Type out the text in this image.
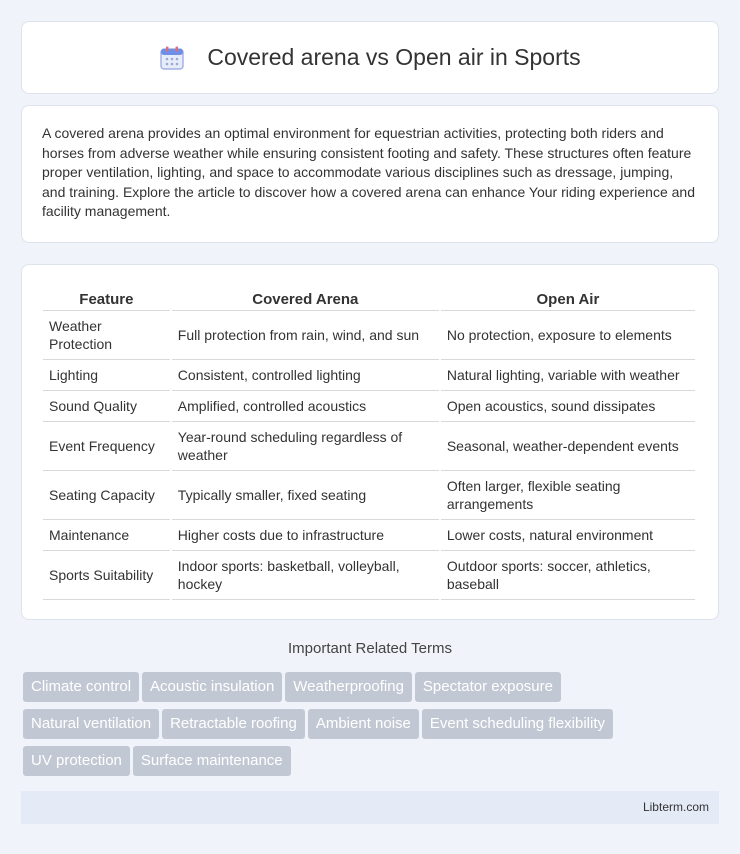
Covered arena vs Open air in Sports

A covered arena provides an optimal environment for equestrian activities, protecting both riders and horses from adverse weather while ensuring consistent footing and safety. These structures often feature proper ventilation, lighting, and space to accommodate various disciplines such as dressage, jumping, and training. Explore the article to discover how a covered arena can enhance Your riding experience and facility management.

Feature	Covered Arena	Open Air
Weather Protection	Full protection from rain, wind, and sun	No protection, exposure to elements
Lighting	Consistent, controlled lighting	Natural lighting, variable with weather
Sound Quality	Amplified, controlled acoustics	Open acoustics, sound dissipates
Event Frequency	Year-round scheduling regardless of weather	Seasonal, weather-dependent events
Seating Capacity	Typically smaller, fixed seating	Often larger, flexible seating arrangements
Maintenance	Higher costs due to infrastructure	Lower costs, natural environment
Sports Suitability	Indoor sports: basketball, volleyball, hockey	Outdoor sports: soccer, athletics, baseball
Important Related Terms
Climate control Acoustic insulation Weatherproofing Spectator exposure
Natural ventilation Retractable roofing Ambient noise Event scheduling flexibility
UV protection Surface maintenance
Libterm.com
